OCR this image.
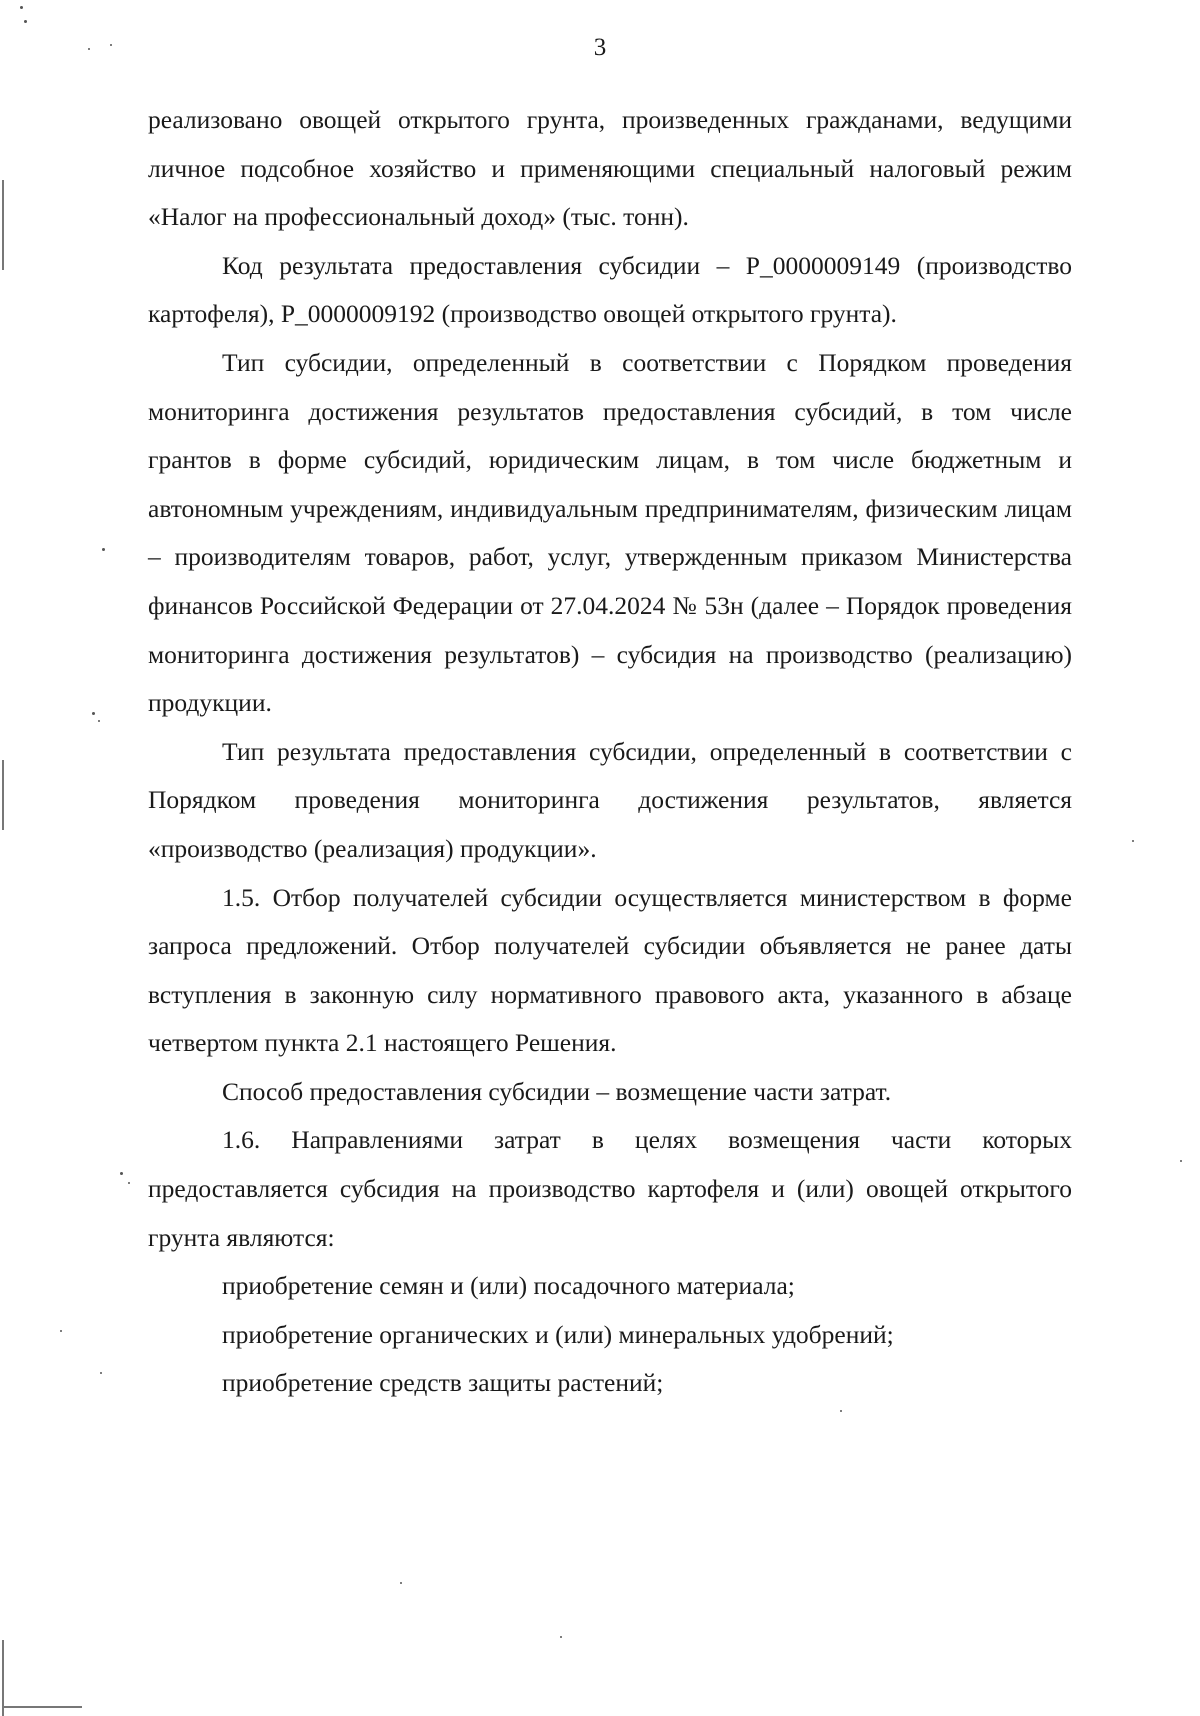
3

реализовано овощей открытого грунта, произведенных гражданами, ведущими личное подсобное хозяйство и применяющими специальный налоговый режим «Налог на профессиональный доход» (тыс. тонн).

Код результата предоставления субсидии – P_0000009149 (производство картофеля), P_0000009192 (производство овощей открытого грунта).

Тип субсидии, определенный в соответствии с Порядком проведения мониторинга достижения результатов предоставления субсидий, в том числе грантов в форме субсидий, юридическим лицам, в том числе бюджетным и автономным учреждениям, индивидуальным предпринимателям, физическим лицам – производителям товаров, работ, услуг, утвержденным приказом Министерства финансов Российской Федерации от 27.04.2024 № 53н (далее – Порядок проведения мониторинга достижения результатов) – субсидия на производство (реализацию) продукции.

Тип результата предоставления субсидии, определенный в соответствии с Порядком проведения мониторинга достижения результатов, является «производство (реализация) продукции».

1.5. Отбор получателей субсидии осуществляется министерством в форме запроса предложений. Отбор получателей субсидии объявляется не ранее даты вступления в законную силу нормативного правового акта, указанного в абзаце четвертом пункта 2.1 настоящего Решения.

Способ предоставления субсидии – возмещение части затрат.

1.6. Направлениями затрат в целях возмещения части которых предоставляется субсидия на производство картофеля и (или) овощей открытого грунта являются:

приобретение семян и (или) посадочного материала;

приобретение органических и (или) минеральных удобрений;

приобретение средств защиты растений;
